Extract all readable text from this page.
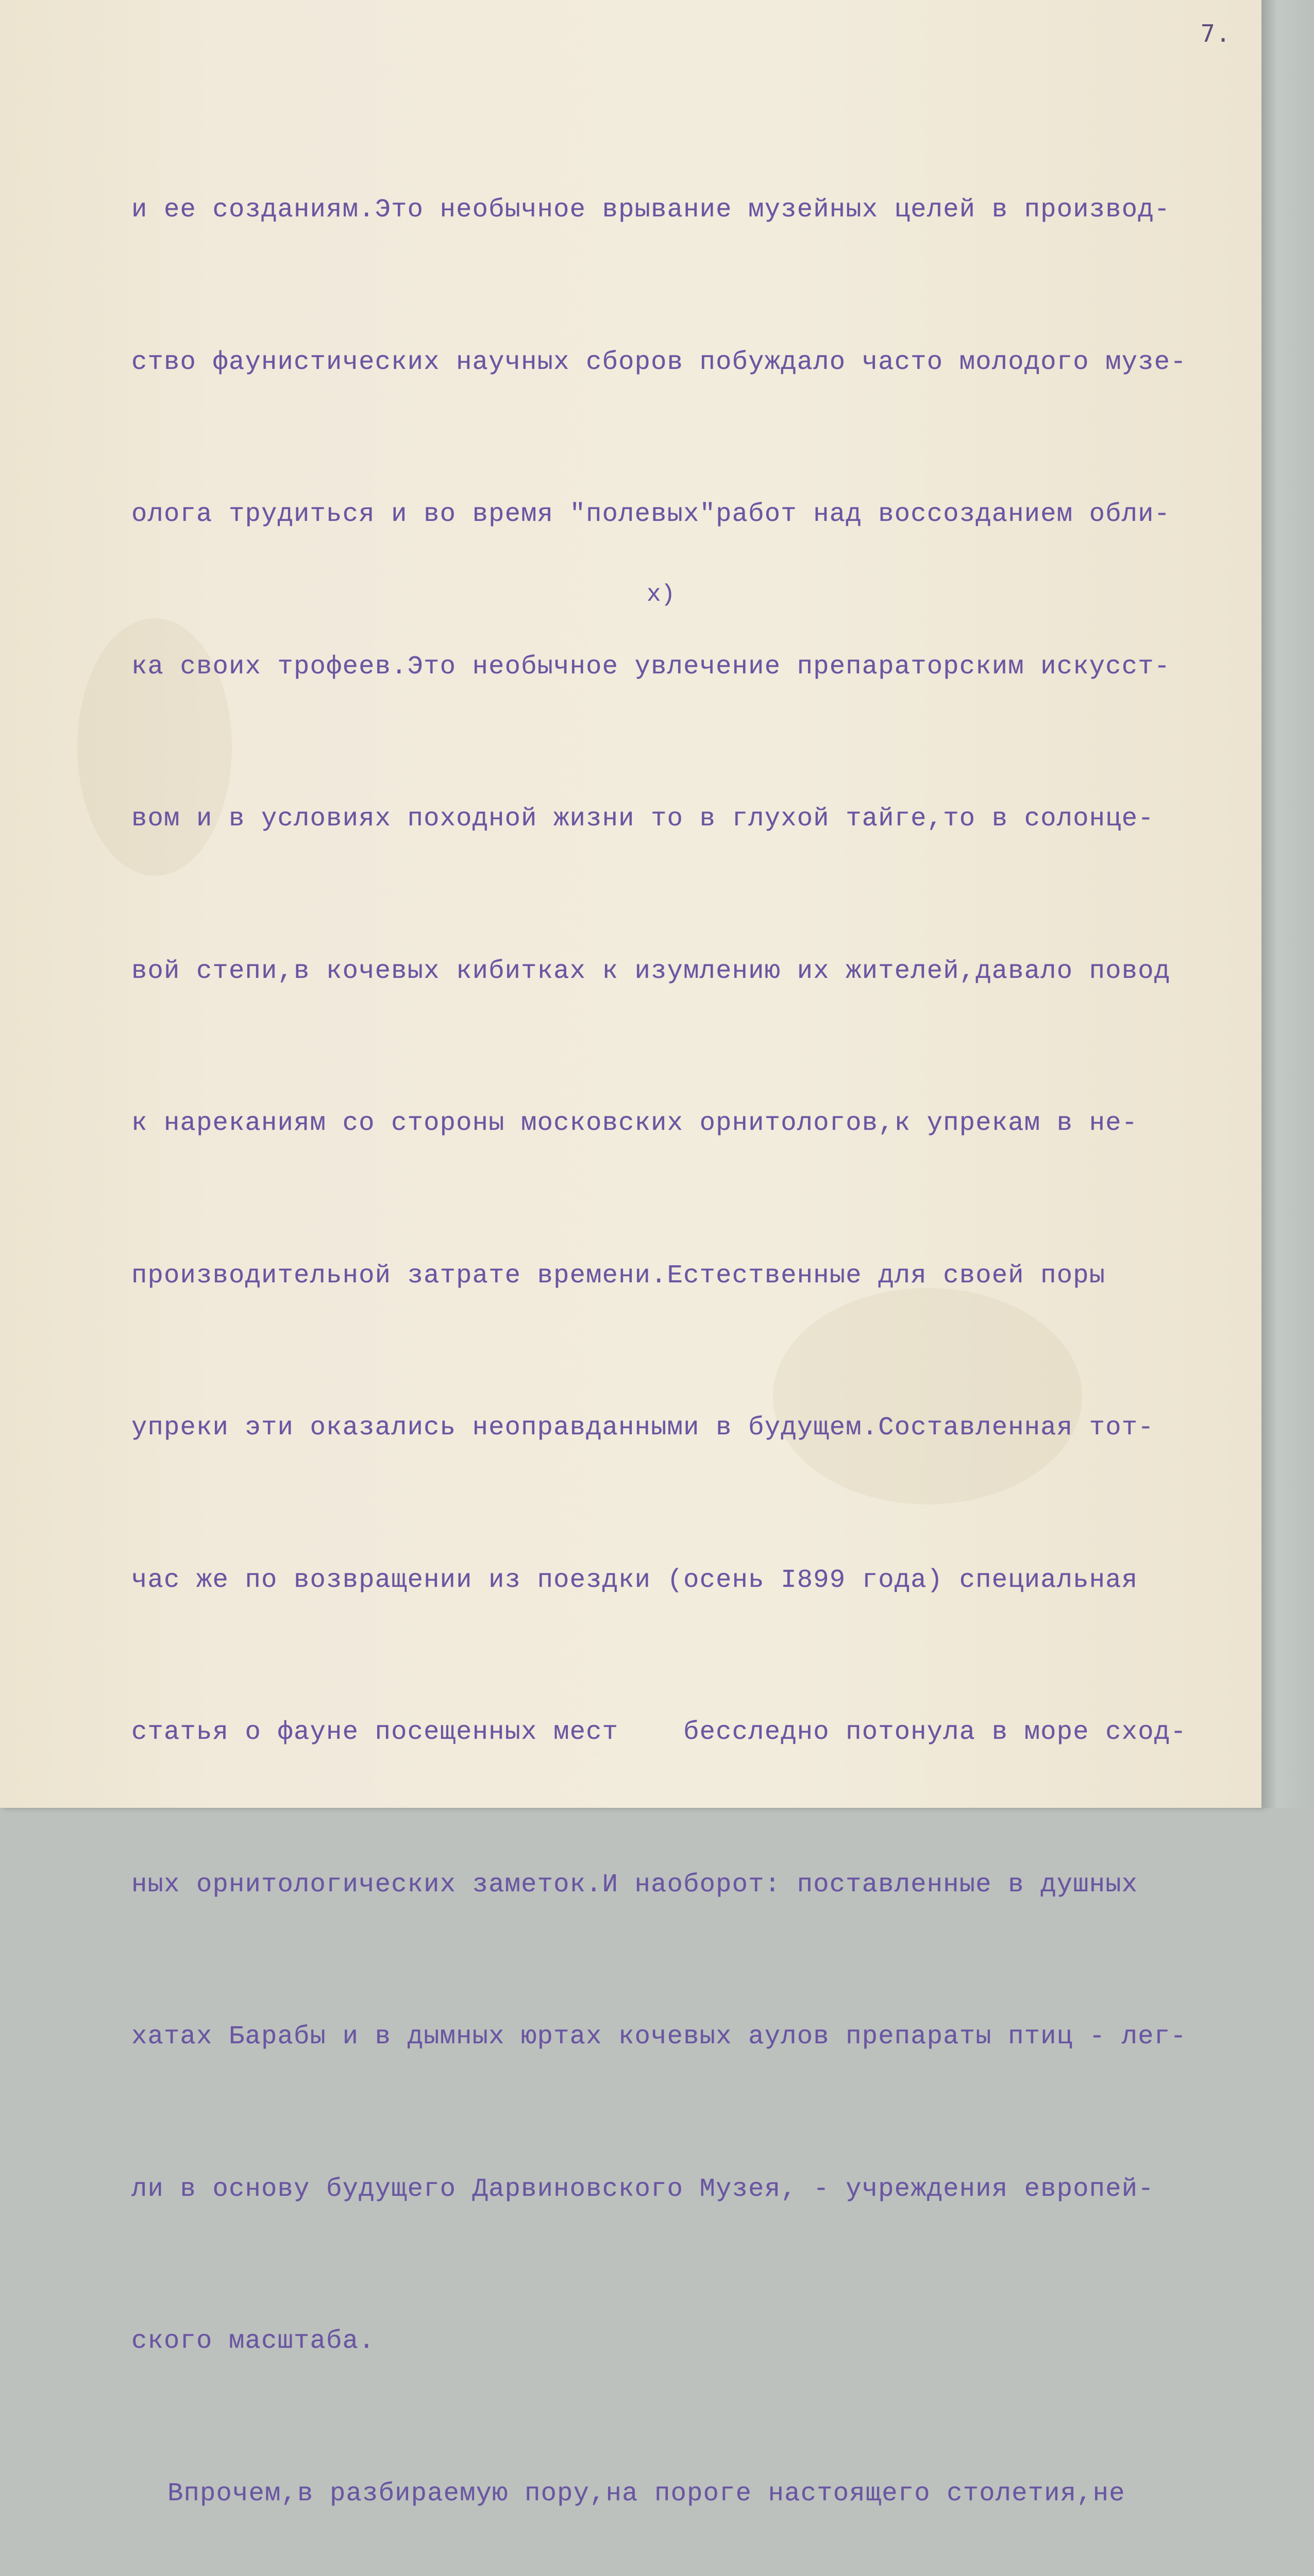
7.
x)

и ее созданиям.Это необычное врывание музейных целей в производ-

ство фаунистических научных сборов побуждало часто молодого музе-

олога трудиться и во время "полевых"работ над воссозданием обли-

ка своих трофеев.Это необычное увлечение препараторским искусст-

вом и в условиях походной жизни то в глухой тайге,то в солонце-

вой степи,в кочевых кибитках к изумлению их жителей,давало повод

к нареканиям со стороны московских орнитологов,к упрекам в не-

производительной затрате времени.Естественные для своей поры

упреки эти оказались неоправданными в будущем.Составленная тот-

час же по возвращении из поездки (осень I899 года) специальная

статья о фауне посещенных мест    бесследно потонула в море сход-

ных орнитологических заметок.И наоборот: поставленные в душных

хатах Барабы и в дымных юртах кочевых аулов препараты птиц - лег-

ли в основу будущего Дарвиновского Музея, - учреждения европей-

ского масштаба.

Впрочем,в разбираемую пору,на пороге настоящего столетия,не
